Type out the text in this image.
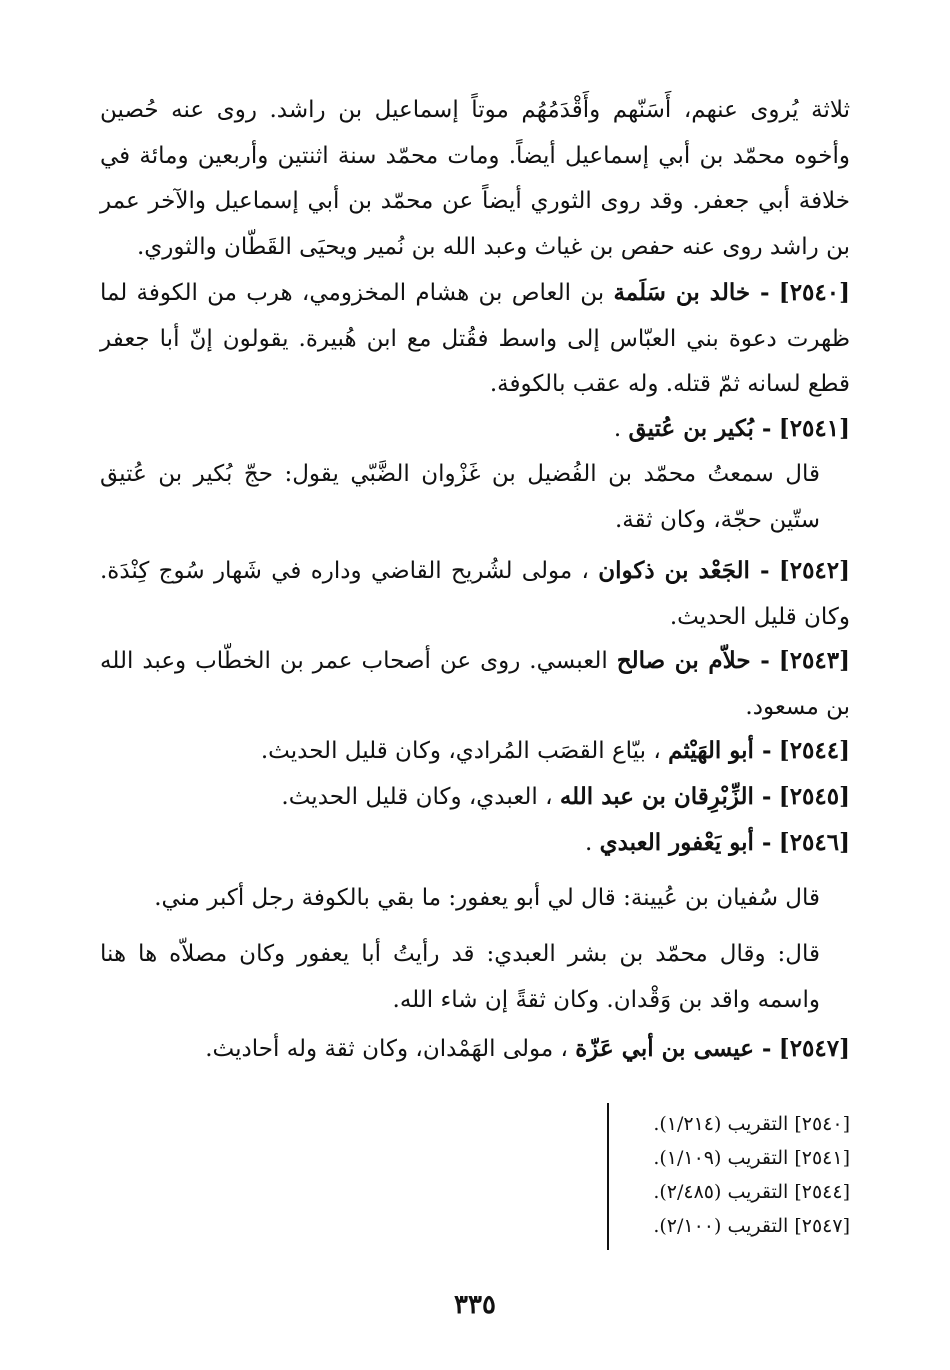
ثلاثة يُروى عنهم، أَسَنّهم وأَقْدَمُهُم موتاً إسماعيل بن راشد. روى عنه حُصين وأخوه محمّد بن أبي إسماعيل أيضاً. ومات محمّد سنة اثنتين وأربعين ومائة في خلافة أبي جعفر. وقد روى الثوري أيضاً عن محمّد بن أبي إسماعيل والآخر عمر بن راشد روى عنه حفص بن غياث وعبد الله بن نُمير ويحيَى القَطّان والثوري.

[٢٥٤٠] - خالد بن سَلَمة بن العاص بن هشام المخزومي، هرب من الكوفة لما ظهرت دعوة بني العبّاس إلى واسط فقُتل مع ابن هُبيرة. يقولون إنّ أبا جعفر قطع لسانه ثمّ قتله. وله عقب بالكوفة.

[٢٥٤١] - بُكير بن عُتيق .

قال سمعتُ محمّد بن الفُضيل بن غَزْوان الضَّبّي يقول: حجّ بُكير بن عُتيق ستّين حجّة، وكان ثقة.

[٢٥٤٢] - الجَعْد بن ذكوان ، مولى لشُريح القاضي وداره في شَهار سُوج كِنْدَة. وكان قليل الحديث.

[٢٥٤٣] - حلاّم بن صالح العبسي. روى عن أصحاب عمر بن الخطّاب وعبد الله بن مسعود.

[٢٥٤٤] - أبو الهَيْثم ، بيّاع القصَب المُرادي، وكان قليل الحديث.
[٢٥٤٥] - الزِّبْرِقان بن عبد الله ، العبدي، وكان قليل الحديث.
[٢٥٤٦] - أبو يَعْفور العبدي .
قال سُفيان بن عُيينة: قال لي أبو يعفور: ما بقي بالكوفة رجل أكبر مني.

قال: وقال محمّد بن بشر العبدي: قد رأيتُ أبا يعفور وكان مصلاّه ها هنا واسمه واقد بن وَقْدان. وكان ثقةً إن شاء الله.

[٢٥٤٧] - عيسى بن أبي عَزّة ، مولى الهَمْدان، وكان ثقة وله أحاديث.
[٢٥٤٠] التقريب (١/٢١٤).
[٢٥٤١] التقريب (١/١٠٩).
[٢٥٤٤] التقريب (٢/٤٨٥).
[٢٥٤٧] التقريب (٢/١٠٠).
٣٣٥
